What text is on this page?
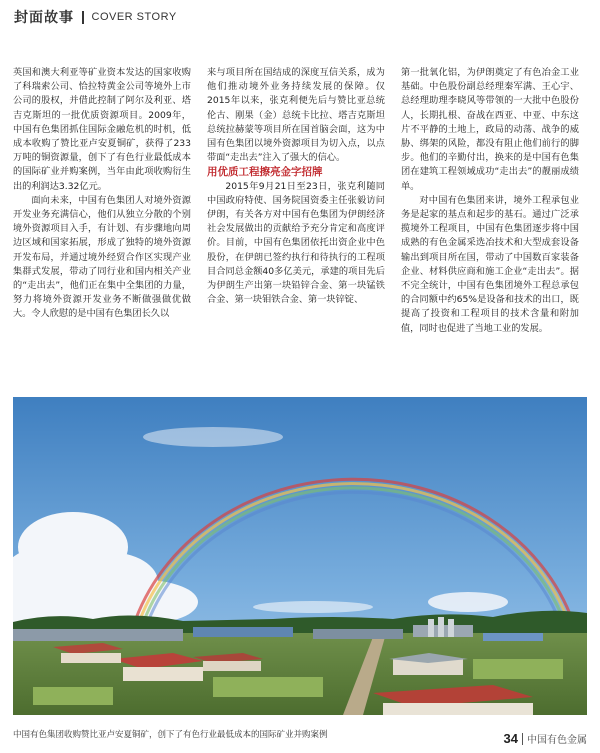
封面故事 COVER STORY

英国和澳大利亚等矿业资本发达的国家收购了科瑞索公司、恰拉特黄金公司等境外上市公司的股权，并借此控制了阿尔及利亚、塔吉克斯坦的一批优质资源项目。2009年，中国有色集团抓住国际金融危机的时机，低成本收购了赞比亚卢安夏铜矿，获得了233万吨的铜资源量，创下了有色行业最低成本的国际矿业并购案例，当年由此项收购衍生出的利润达3.32亿元。

面向未来，中国有色集团人对境外资源开发业务充满信心，他们从独立分散的个别境外资源项目入手，有计划、有步骤地向周边区域和国家拓展，形成了独特的境外资源开发布局，并通过境外经贸合作区实现产业集群式发展，带动了同行业和国内相关产业的“走出去”，他们正在集中全集团的力量，努力将境外资源开发业务不断做强做优做大。令人欣慰的是中国有色集团长久以

来与项目所在国结成的深度互信关系，成为他们推动境外业务持续发展的保障。仅2015年以来，张克利便先后与赞比亚总统伦古、刚果（金）总统卡比拉、塔吉克斯坦总统拉赫蒙等项目所在国首脑会面，这为中国有色集团以境外资源项目为切入点，以点带面“走出去”注入了强大的信心。

用优质工程擦亮金字招牌

2015年9月21日至23日，张克利随同中国政府特使、国务院国资委主任张毅访问伊朗，有关各方对中国有色集团为伊朗经济社会发展做出的贡献给予充分肯定和高度评价。目前，中国有色集团依托出资企业中色股份，在伊朗已签约执行和待执行的工程项目合同总金额40多亿美元，承建的项目先后为伊朗生产出第一块铅锌合金、第一块锰铁合金、第一块钼铁合金、第一块锌锭、

第一批氧化铝，为伊朗奠定了有色冶金工业基础。中色股份副总经理秦军满、王心宇、总经理助理李晓风等带领的一大批中色股份人，长期扎根、奋战在西亚、中亚、中东这片不平静的土地上，政局的动荡、战争的威胁、绑架的风险，都没有阻止他们前行的脚步。他们的辛勤付出，换来的是中国有色集团在建筑工程领域成功“走出去”的靓丽成绩单。

对中国有色集团来讲，境外工程承包业务是起家的基点和起步的基石。通过广泛承揽境外工程项目，中国有色集团逐步将中国成熟的有色金属采选冶技术和大型成套设备输出到项目所在国，带动了中国数百家装备企业、材料供应商和施工企业“走出去”。据不完全统计，中国有色集团境外工程总承包的合同额中约65%是设备和技术的出口，既提高了投资和工程项目的技术含量和附加值，同时也促进了当地工业的发展。

中国有色集团收购赞比亚卢安夏铜矿，创下了有色行业最低成本的国际矿业并购案例	34 中国有色金属
